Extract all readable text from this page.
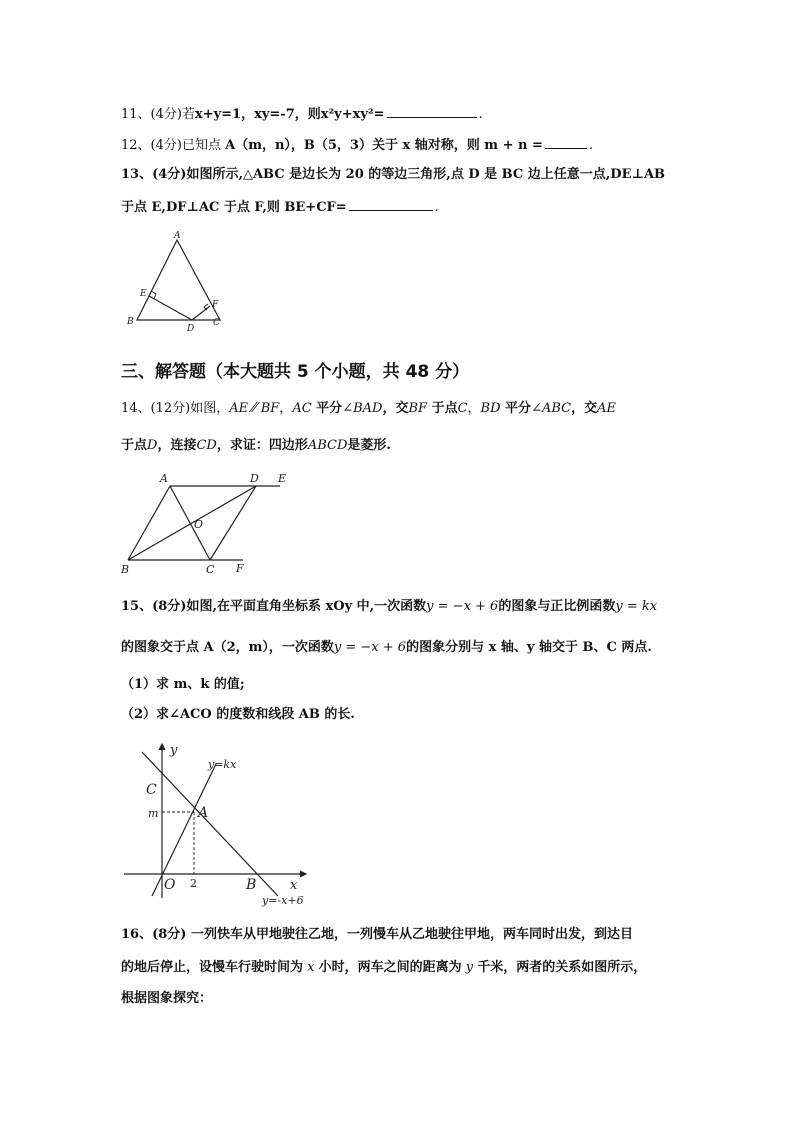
11、(4分)若x+y=1，xy=-7，则x²y+xy²=	.
12、(4分)已知点 A（m，n），B（5，3）关于 x 轴对称，则 m + n =	.
13、(4分)如图所示,△ABC 是边长为 20 的等边三角形,点 D 是 BC 边上任意一点,DE⊥AB
于点 E,DF⊥AC 于点 F,则 BE+CF=	.
A
E
F
B
D
C
三、解答题（本大题共 5 个小题，共 48 分）
14、(12分)如图，AE ⁄⁄ BF，AC 平分∠BAD，交BF 于点C，BD 平分∠ABC，交AE
于点D，连接CD，求证：四边形ABCD是菱形.
A	D E
O
B	C F
15、(8分)如图,在平面直角坐标系 xOy 中,一次函数y = −x + 6的图象与正比例函数y = kx
的图象交于点 A（2，m），一次函数y = −x + 6的图象分别与 x 轴、y 轴交于 B、C 两点.
（1）求 m、k 的值;
（2）求∠ACO 的度数和线段 AB 的长.
y
y=kx
C
m	A
O 2	B	x
y=-x+6
16、(8分) 一列快车从甲地驶往乙地，一列慢车从乙地驶往甲地，两车同时出发，到达目
的地后停止，设慢车行驶时间为 x 小时，两车之间的距离为 y 千米，两者的关系如图所示，
根据图象探究：
